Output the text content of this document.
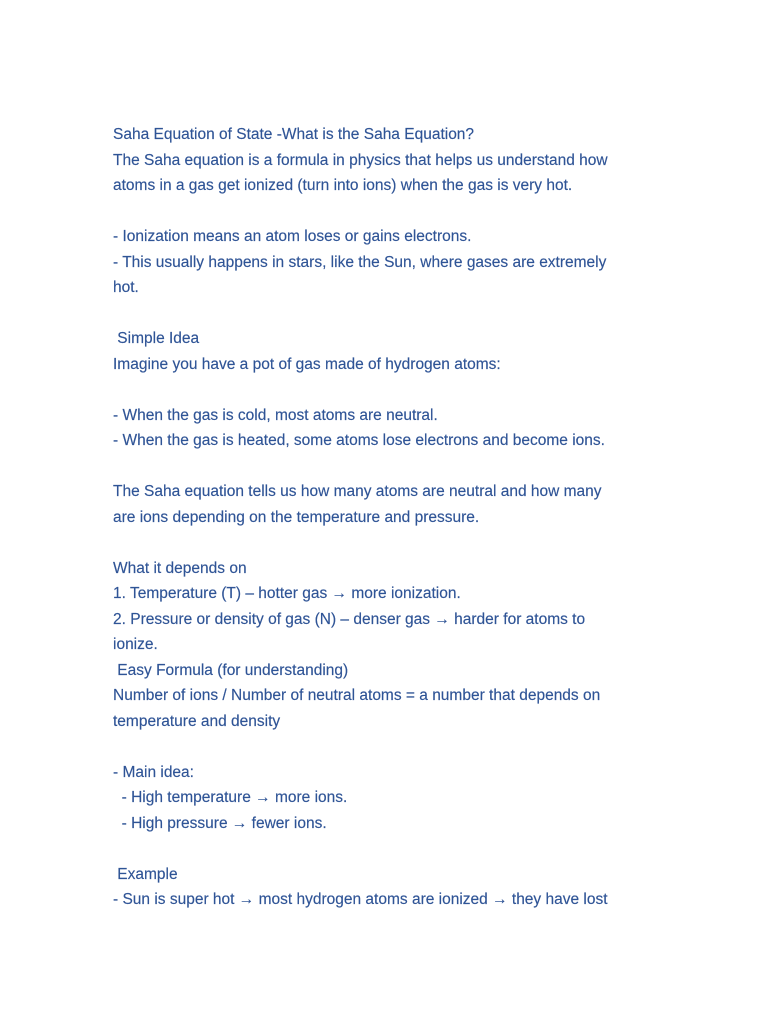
Saha Equation of State -What is the Saha Equation?
The Saha equation is a formula in physics that helps us understand how
atoms in a gas get ionized (turn into ions) when the gas is very hot.
- Ionization means an atom loses or gains electrons.
- This usually happens in stars, like the Sun, where gases are extremely
hot.
Simple Idea
Imagine you have a pot of gas made of hydrogen atoms:
- When the gas is cold, most atoms are neutral.
- When the gas is heated, some atoms lose electrons and become ions.
The Saha equation tells us how many atoms are neutral and how many
are ions depending on the temperature and pressure.
What it depends on
1. Temperature (T) – hotter gas → more ionization.
2. Pressure or density of gas (N) – denser gas → harder for atoms to
ionize.
Easy Formula (for understanding)
Number of ions / Number of neutral atoms = a number that depends on
temperature and density
- Main idea:
- High temperature → more ions.
- High pressure → fewer ions.
Example
- Sun is super hot → most hydrogen atoms are ionized → they have lost
